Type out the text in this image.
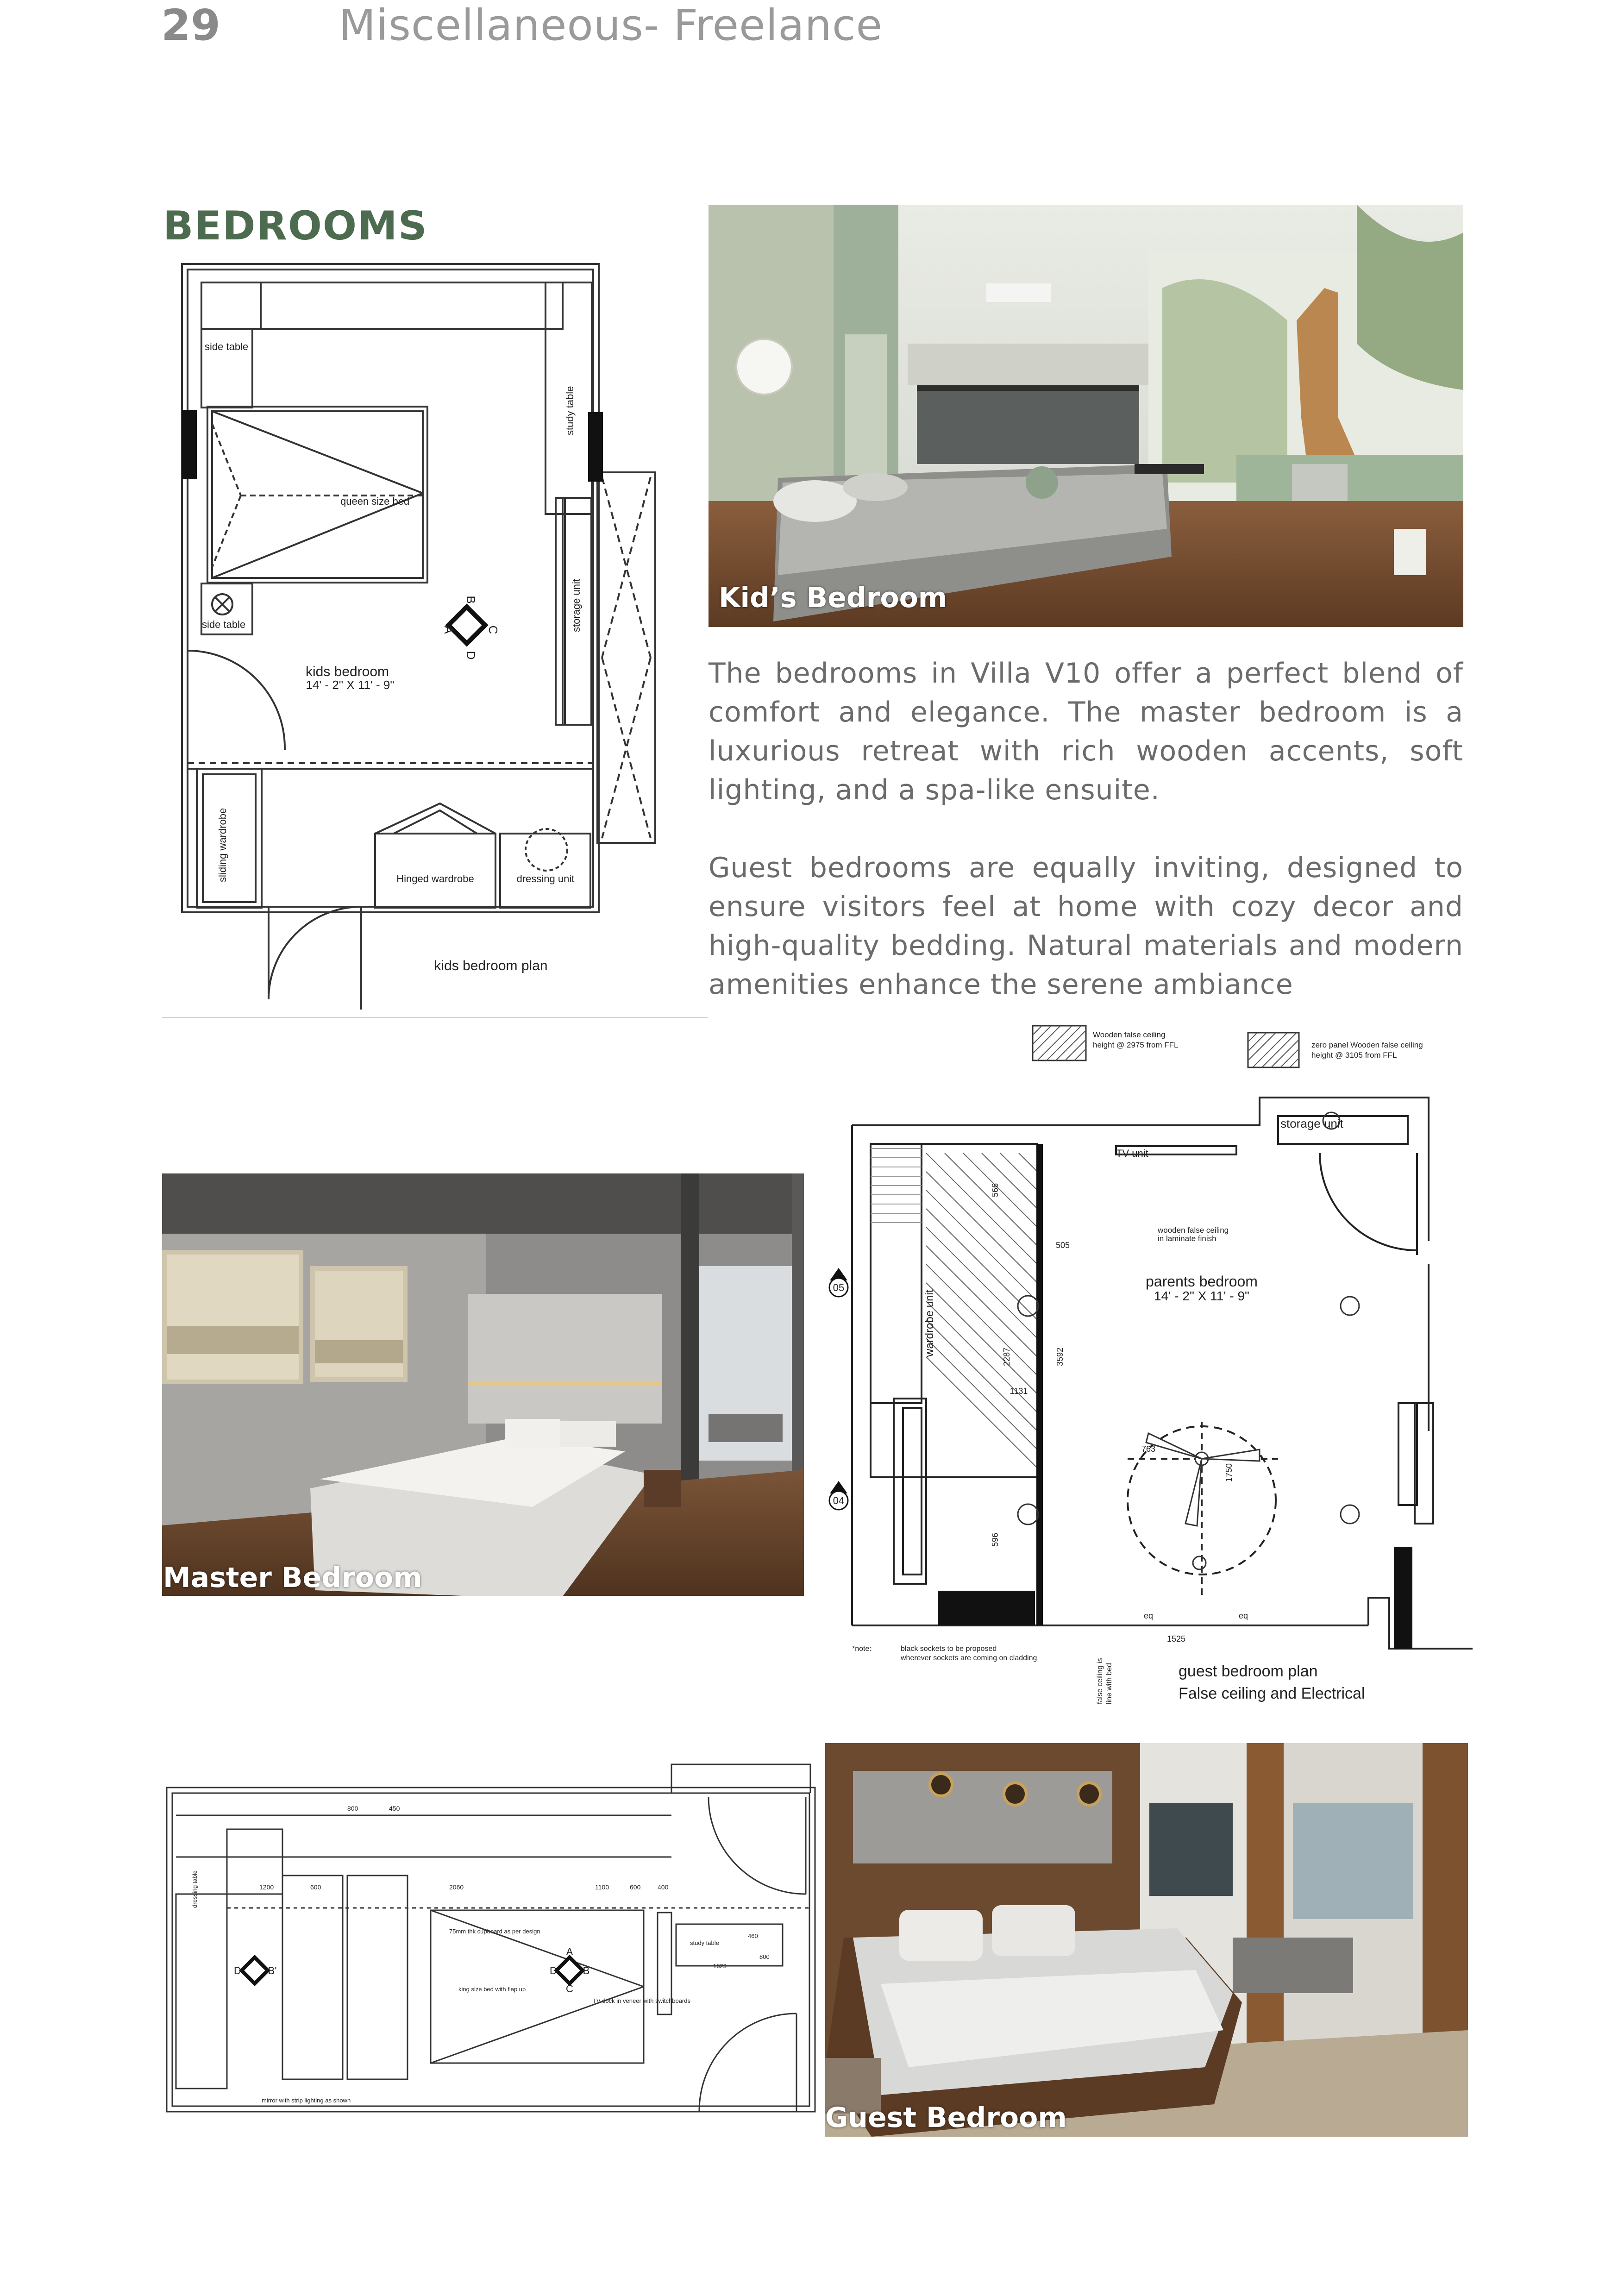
29	Miscellaneous- Freelance
BEDROOMS
B
A	C
D
side table
side table
study table
queen size bed
storage unit
kids bedroom
14' - 2" X 11' - 9"
sliding wardrobe	Hinged wardrobe	dressing unit
kids bedroom plan
Kid’s Bedroom
The bedrooms in Villa V10 offer a perfect blend of comfort and elegance. The master bedroom is a luxurious retreat with rich wooden accents, soft lighting, and a spa-like ensuite.
Guest bedrooms are equally inviting, designed to ensure visitors feel at home with cozy decor and high-quality bedding. Natural materials and modern amenities enhance the serene ambiance
Master Bedroom
Wooden false ceiling
height @ 2975 from FFL	zero panel Wooden false ceiling
height @ 3105 from FFL
05
04
storage unit
TV unit
wardrobe unit
wooden false ceiling
in laminate finish
parents bedroom
14' - 2" X 11' - 9"
1525
eq	eq
763
1750
1131
2287	3592
505
566
596
*note:	black sockets to be proposed
wherever sockets are coming on cladding	false ceiling is line with bed	guest bedroom plan
False ceiling and Electrical
D' B'
A
D	B
C
800	450
1200	600	2060	1100	600	400
75mm thk cupboard as per design
king size bed with flap up
TV dock in veneer with switchboards
study table
dressing table
mirror with strip lighting as shown
1623
800
460
Guest Bedroom
